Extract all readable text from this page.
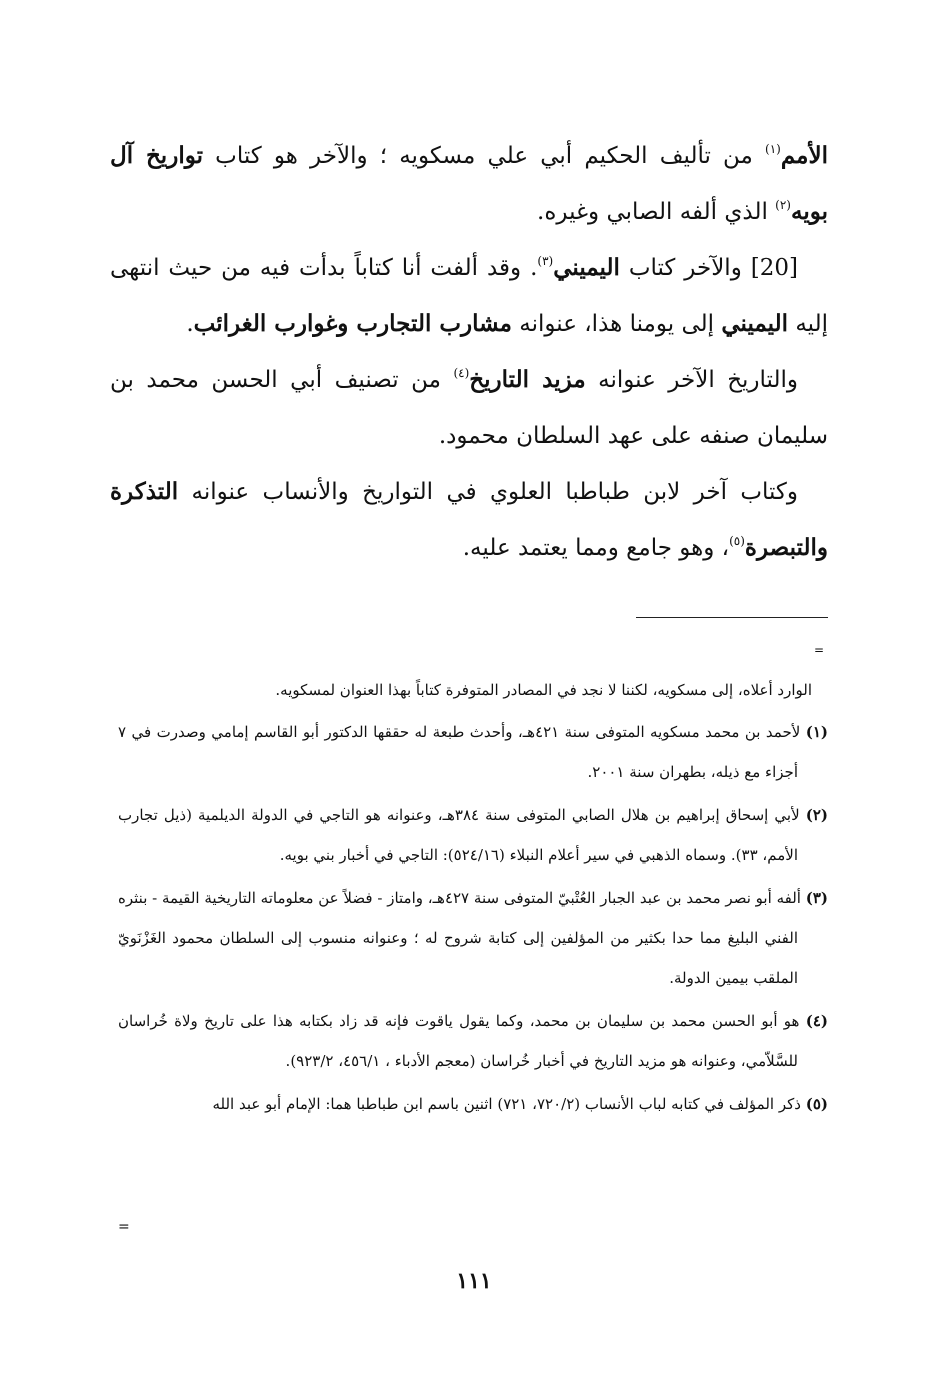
الأمم$^{(١)}$ من تأليف الحكيم أبي علي مسكويه ؛ والآخر هو كتاب تواريخ آل بويه$^{(٢)}$ الذي ألفه الصابي وغيره.

[20] والآخر كتاب اليميني$^{(٣)}$. وقد ألفت أنا كتاباً بدأت فيه من حيث انتهى إليه اليميني إلى يومنا هذا، عنوانه مشارب التجارب وغوارب الغرائب.

والتاريخ الآخر عنوانه مزيد التاريخ$^{(٤)}$ من تصنيف أبي الحسن محمد بن سليمان صنفه على عهد السلطان محمود.

وكتاب آخر لابن طباطبا العلوي في التواريخ والأنساب عنوانه التذكرة والتبصرة$^{(٥)}$، وهو جامع ومما يعتمد عليه.

=

الوارد أعلاه، إلى مسكويه، لكننا لا نجد في المصادر المتوفرة كتاباً بهذا العنوان لمسكويه.

(١) لأحمد بن محمد مسكويه المتوفى سنة ٤٢١هـ، وأحدث طبعة له حققها الدكتور أبو القاسم إمامي وصدرت في ٧ أجزاء مع ذيله، بطهران سنة ٢٠٠١.

(٢) لأبي إسحاق إبراهيم بن هلال الصابي المتوفى سنة ٣٨٤هـ، وعنوانه هو التاجي في الدولة الديلمية (ذيل تجارب الأمم، ٣٣). وسماه الذهبي في سير أعلام النبلاء (٥٢٤/١٦): التاجي في أخبار بني بويه.

(٣) ألفه أبو نصر محمد بن عبد الجبار العُتْبيّ المتوفى سنة ٤٢٧هـ، وامتاز - فضلاً عن معلوماته التاريخية القيمة - بنثره الفني البليغ مما حدا بكثير من المؤلفين إلى كتابة شروح له ؛ وعنوانه منسوب إلى السلطان محمود الغَزْنَويّ الملقب بيمين الدولة.

(٤) هو أبو الحسن محمد بن سليمان بن محمد، وكما يقول ياقوت فإنه قد زاد بكتابه هذا على تاريخ ولاة خُراسان للسَّلاّمي، وعنوانه هو مزيد التاريخ في أخبار خُراسان (معجم الأدباء ، ٤٥٦/١، ٩٢٣/٢).

(٥) ذكر المؤلف في كتابه لباب الأنساب (٧٢٠/٢، ٧٢١) اثنين باسم ابن طباطبا هما: الإمام أبو عبد الله

=
١١١
